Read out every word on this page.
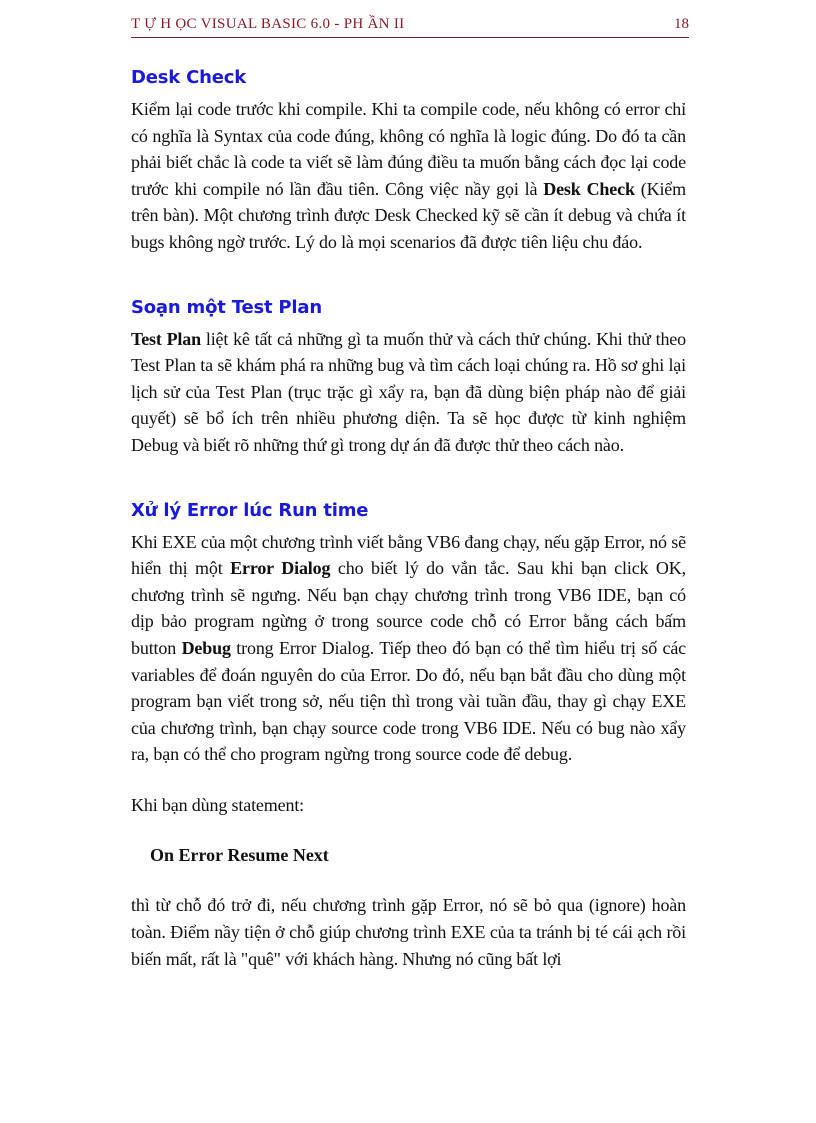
T Ự H ỌC VISUAL BASIC 6.0 - PH ẦN II	18
Desk Check

Kiểm lại code trước khi compile. Khi ta compile code, nếu không có error chỉ có nghĩa là Syntax của code đúng, không có nghĩa là logic đúng. Do đó ta cần phải biết chắc là code ta viết sẽ làm đúng điều ta muốn bằng cách đọc lại code trước khi compile nó lần đầu tiên. Công việc nầy gọi là Desk Check (Kiểm trên bàn). Một chương trình được Desk Checked kỹ sẽ cần ít debug và chứa ít bugs không ngờ trước. Lý do là mọi scenarios đã được tiên liệu chu đáo.

Soạn một Test Plan

Test Plan liệt kê tất cả những gì ta muốn thử và cách thử chúng. Khi thử theo Test Plan ta sẽ khám phá ra những bug và tìm cách loại chúng ra. Hồ sơ ghi lại lịch sử của Test Plan (trục trặc gì xẩy ra, bạn đã dùng biện pháp nào để giải quyết) sẽ bổ ích trên nhiều phương diện. Ta sẽ học được từ kinh nghiệm Debug và biết rõ những thứ gì trong dự án đã được thử theo cách nào.

Xử lý Error lúc Run time

Khi EXE của một chương trình viết bằng VB6 đang chạy, nếu gặp Error, nó sẽ hiển thị một Error Dialog cho biết lý do vắn tắc. Sau khi bạn click OK, chương trình sẽ ngưng. Nếu bạn chạy chương trình trong VB6 IDE, bạn có dịp bảo program ngừng ở trong source code chỗ có Error bằng cách bấm button Debug trong Error Dialog. Tiếp theo đó bạn có thể tìm hiểu trị số các variables để đoán nguyên do của Error. Do đó, nếu bạn bắt đầu cho dùng một program bạn viết trong sở, nếu tiện thì trong vài tuần đầu, thay gì chạy EXE của chương trình, bạn chạy source code trong VB6 IDE. Nếu có bug nào xẩy ra, bạn có thể cho program ngừng trong source code để debug.

Khi bạn dùng statement:

On Error Resume Next

thì từ chỗ đó trở đi, nếu chương trình gặp Error, nó sẽ bỏ qua (ignore) hoàn toàn. Điểm nầy tiện ở chỗ giúp chương trình EXE của ta tránh bị té cái ạch rồi biến mất, rất là "quê" với khách hàng. Nhưng nó cũng bất lợi
